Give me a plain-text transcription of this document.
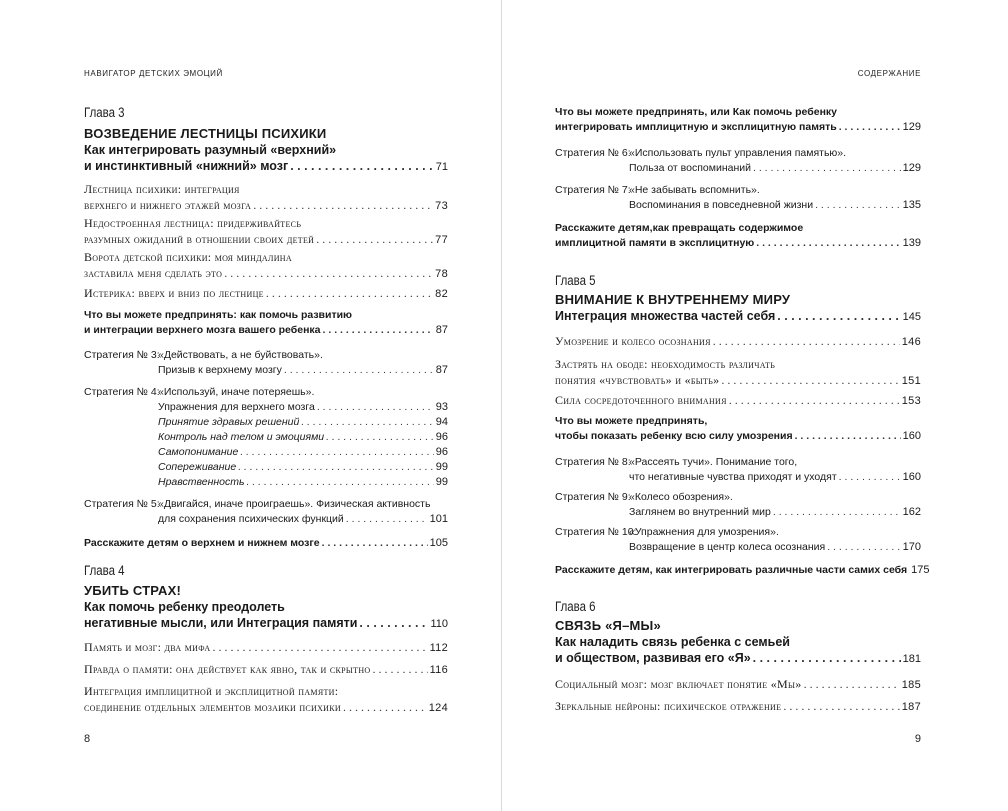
НАВИГАТОР ДЕТСКИХ ЭМОЦИЙ
Глава 3
ВОЗВЕДЕНИЕ ЛЕСТНИЦЫ ПСИХИКИ
Как интегрировать разумный «верхний»
и инстинктивный «нижний» мозг . . .	71
Лестница психики: интеграция
верхнего и нижнего этажей мозга . . .	73
Недостроенная лестница: придерживайтесь
разумных ожиданий в отношении своих детей . . .	77
Ворота детской психики: моя миндалина
заставила меня сделать это . . .	78
Истерика: вверх и вниз по лестнице . . .	82
Что вы можете предпринять: как помочь развитию
и интеграции верхнего мозга вашего ребенка . . .	87
Стратегия № 3:
«Действовать, а не буйствовать».
Призыв к верхнему мозгу . . .	87
Стратегия № 4:
«Используй, иначе потеряешь».
Упражнения для верхнего мозга . . .	93
Принятие здравых решений . . .	94
Контроль над телом и эмоциями . . .	96
Самопонимание . . .	96
Сопереживание . . .	99
Нравственность . . .	99
Стратегия № 5:
«Двигайся, иначе проиграешь». Физическая активность
для сохранения психических функций . . .	101
Расскажите детям о верхнем и нижнем мозге . . .	105
Глава 4
УБИТЬ СТРАХ!
Как помочь ребенку преодолеть
негативные мысли, или Интеграция памяти . . .	110
Память и мозг: два мифа . . .	112
Правда о памяти: она действует как явно, так и скрытно . . .	116
Интеграция имплицитной и эксплицитной памяти:
соединение отдельных элементов мозаики психики . . .	124
8
СОДЕРЖАНИЕ
Что вы можете предпринять, или Как помочь ребенку
интегрировать имплицитную и эксплицитную память . . .	129
Стратегия № 6:
«Использовать пульт управления памятью».
Польза от воспоминаний . . .	129
Стратегия № 7:
«Не забывать вспомнить».
Воспоминания в повседневной жизни . . .	135
Расскажите детям,как превращать содержимое
имплицитной памяти в эксплицитную . . .	139
Глава 5
ВНИМАНИЕ К ВНУТРЕННЕМУ МИРУ
Интеграция множества частей себя . . .	145
Умозрение и колесо осознания . . .	146
Застрять на ободе: необходимость различать
понятия «чувствовать» и «быть» . . .	151
Сила сосредоточенного внимания . . .	153
Что вы можете предпринять,
чтобы показать ребенку всю силу умозрения . . .	160
Стратегия № 8:
«Рассеять тучи». Понимание того,
что негативные чувства приходят и уходят . . .	160
Стратегия № 9:
«Колесо обозрения».
Заглянем во внутренний мир . . .	162
Стратегия № 10:
«Упражнения для умозрения».
Возвращение в центр колеса осознания . . .	170
Расскажите детям, как интегрировать различные части самих себя 175
Глава 6
СВЯЗЬ «Я–МЫ»
Как наладить связь ребенка с семьей
и обществом, развивая его «Я» . . .	181
Социальный мозг: мозг включает понятие «Мы» . . .	185
Зеркальные нейроны: психическое отражение . . .	187
9
